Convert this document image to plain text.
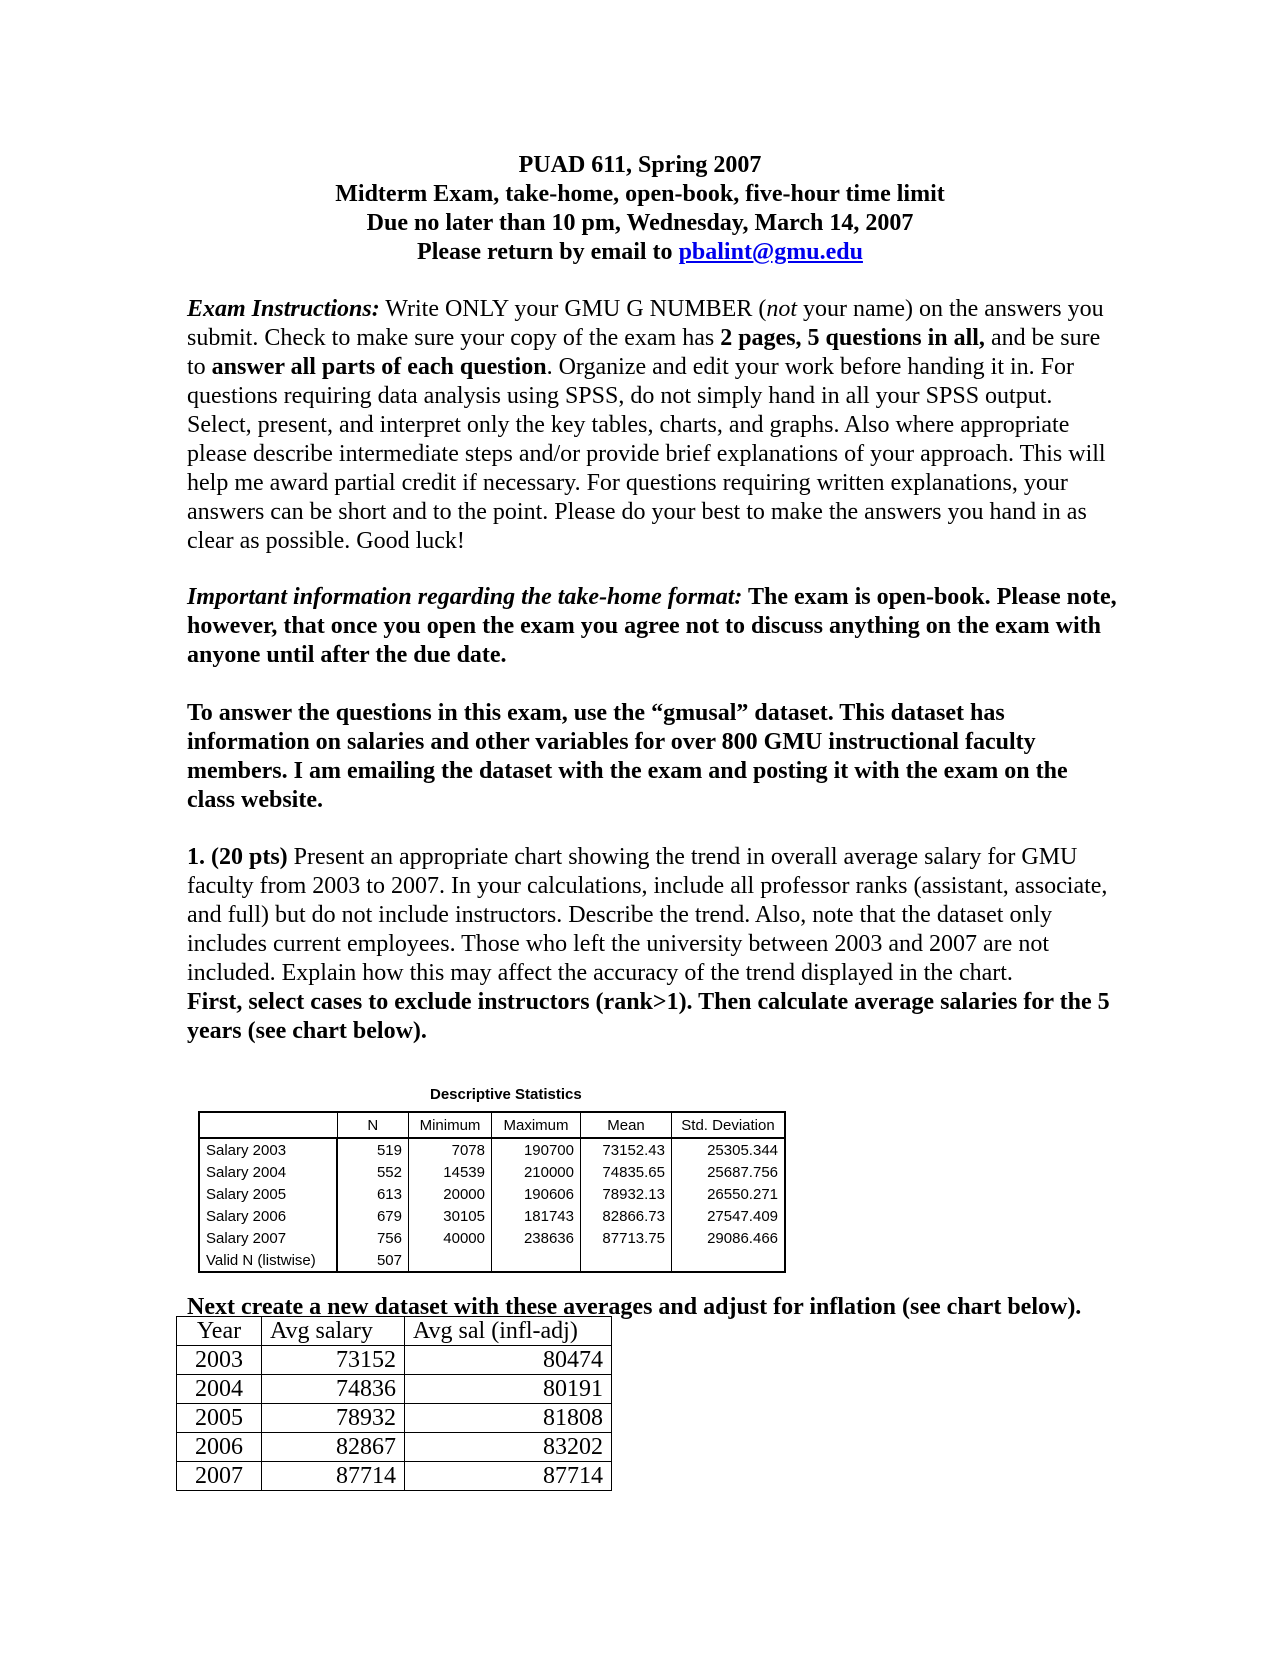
PUAD 611, Spring 2007
Midterm Exam, take-home, open-book, five-hour time limit
Due no later than 10 pm, Wednesday, March 14, 2007
Please return by email to pbalint@gmu.edu
Exam Instructions: Write ONLY your GMU G NUMBER (not your name) on the answers you submit. Check to make sure your copy of the exam has 2 pages, 5 questions in all, and be sure to answer all parts of each question. Organize and edit your work before handing it in. For questions requiring data analysis using SPSS, do not simply hand in all your SPSS output. Select, present, and interpret only the key tables, charts, and graphs. Also where appropriate please describe intermediate steps and/or provide brief explanations of your approach. This will help me award partial credit if necessary. For questions requiring written explanations, your answers can be short and to the point. Please do your best to make the answers you hand in as clear as possible. Good luck!
Important information regarding the take-home format: The exam is open-book. Please note, however, that once you open the exam you agree not to discuss anything on the exam with anyone until after the due date.
To answer the questions in this exam, use the “gmusal” dataset. This dataset has information on salaries and other variables for over 800 GMU instructional faculty members. I am emailing the dataset with the exam and posting it with the exam on the class website.
1. (20 pts) Present an appropriate chart showing the trend in overall average salary for GMU faculty from 2003 to 2007. In your calculations, include all professor ranks (assistant, associate, and full) but do not include instructors. Describe the trend. Also, note that the dataset only includes current employees. Those who left the university between 2003 and 2007 are not included. Explain how this may affect the accuracy of the trend displayed in the chart.
First, select cases to exclude instructors (rank>1). Then calculate average salaries for the 5 years (see chart below).
Descriptive Statistics
	N	Minimum	Maximum	Mean	Std. Deviation
Salary 2003	519	7078	190700	73152.43	25305.344
Salary 2004	552	14539	210000	74835.65	25687.756
Salary 2005	613	20000	190606	78932.13	26550.271
Salary 2006	679	30105	181743	82866.73	27547.409
Salary 2007	756	40000	238636	87713.75	29086.466
Valid N (listwise)	507				
Next create a new dataset with these averages and adjust for inflation (see chart below).
Year	Avg salary	Avg sal (infl-adj)
2003	73152	80474
2004	74836	80191
2005	78932	81808
2006	82867	83202
2007	87714	87714
